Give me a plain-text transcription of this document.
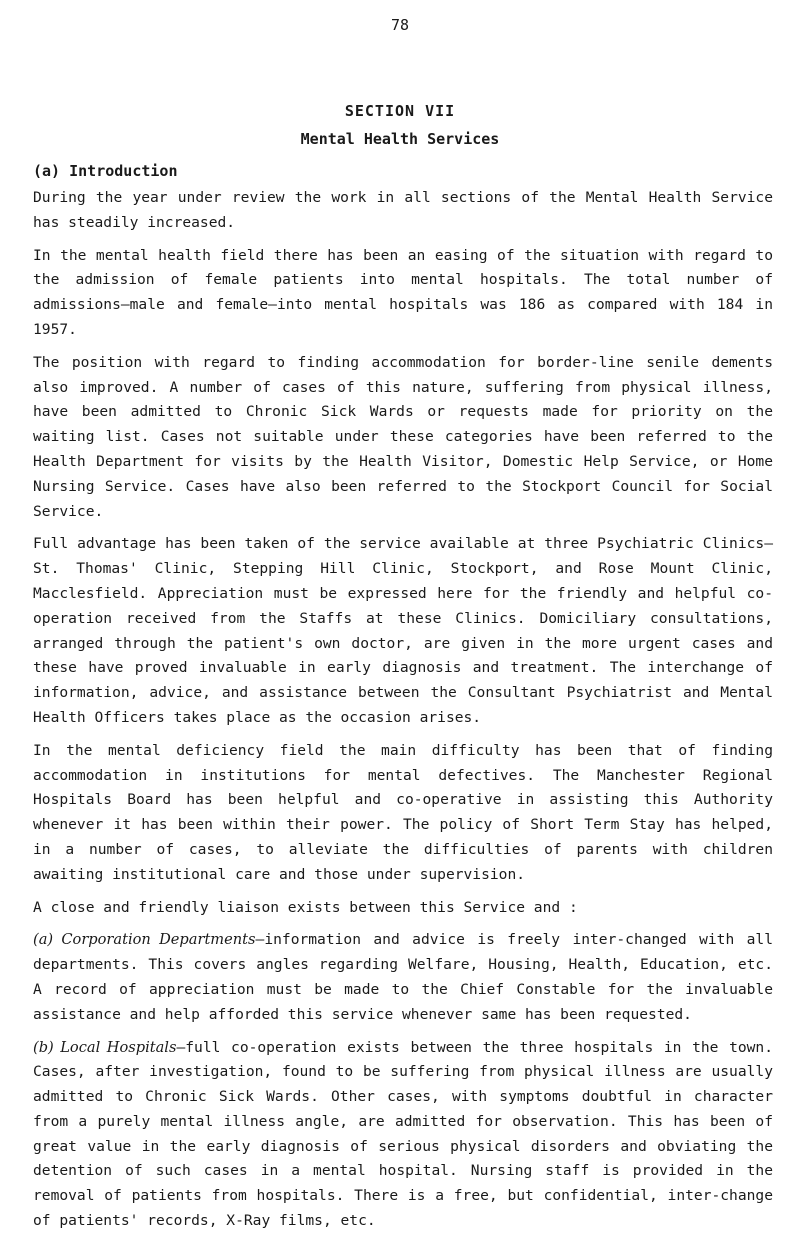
78
SECTION VII
Mental Health Services
(a) Introduction

During the year under review the work in all sections of the Mental Health Service has steadily increased.

In the mental health field there has been an easing of the situation with regard to the admission of female patients into mental hospitals. The total number of admissions—male and female—into mental hospitals was 186 as compared with 184 in 1957.

The position with regard to finding accommodation for border-line senile dements also improved. A number of cases of this nature, suffering from physical illness, have been admitted to Chronic Sick Wards or requests made for priority on the waiting list. Cases not suitable under these categories have been referred to the Health Department for visits by the Health Visitor, Domestic Help Service, or Home Nursing Service. Cases have also been referred to the Stockport Council for Social Service.

Full advantage has been taken of the service available at three Psychiatric Clinics—St. Thomas' Clinic, Stepping Hill Clinic, Stockport, and Rose Mount Clinic, Macclesfield. Appreciation must be expressed here for the friendly and helpful co-operation received from the Staffs at these Clinics. Domiciliary consultations, arranged through the patient's own doctor, are given in the more urgent cases and these have proved invaluable in early diagnosis and treatment. The interchange of information, advice, and assistance between the Consultant Psychiatrist and Mental Health Officers takes place as the occasion arises.

In the mental deficiency field the main difficulty has been that of finding accommodation in institutions for mental defectives. The Manchester Regional Hospitals Board has been helpful and co-operative in assisting this Authority whenever it has been within their power. The policy of Short Term Stay has helped, in a number of cases, to alleviate the difficulties of parents with children awaiting institutional care and those under supervision.

A close and friendly liaison exists between this Service and :

(a) Corporation Departments—information and advice is freely inter-changed with all departments. This covers angles regarding Welfare, Housing, Health, Education, etc. A record of appreciation must be made to the Chief Constable for the invaluable assistance and help afforded this service whenever same has been requested.

(b) Local Hospitals—full co-operation exists between the three hospitals in the town. Cases, after investigation, found to be suffering from physical illness are usually admitted to Chronic Sick Wards. Other cases, with symptoms doubtful in character from a purely mental illness angle, are admitted for observation. This has been of great value in the early diagnosis of serious physical disorders and obviating the detention of such cases in a mental hospital. Nursing staff is provided in the removal of patients from hospitals. There is a free, but confidential, inter-change of patients' records, X-Ray films, etc.
